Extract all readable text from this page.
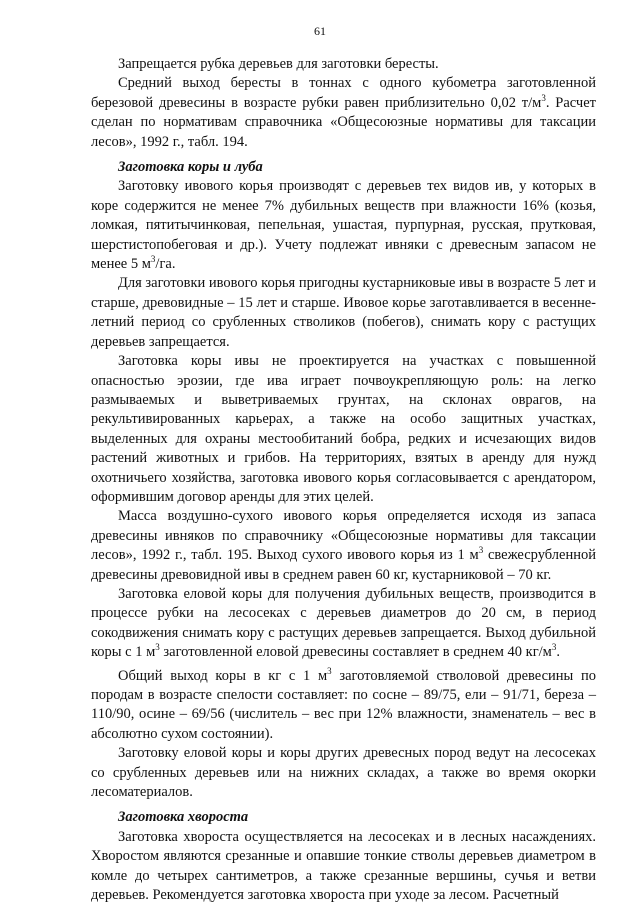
61

Запрещается рубка деревьев для заготовки бересты.

Средний выход бересты в тоннах с одного кубометра заготовленной березовой древесины в возрасте рубки равен приблизительно 0,02 $т/м^3$. Расчет сделан по нормативам справочника «Общесоюзные нормативы для таксации лесов», 1992 г., табл. 194.

Заготовка коры и луба

Заготовку ивового корья производят с деревьев тех видов ив, у которых в коре содержится не менее 7% дубильных веществ при влажности 16% (козья, ломкая, пятитычинковая, пепельная, ушастая, пурпурная, русская, прутковая, шерстистопобеговая и др.). Учету подлежат ивняки с древесным запасом не менее 5 $м^3/га$.

Для заготовки ивового корья пригодны кустарниковые ивы в возрасте 5 лет и старше, древовидные – 15 лет и старше. Ивовое корье заготавливается в весенне-летний период со срубленных стволиков (побегов), снимать кору с растущих деревьев запрещается.

Заготовка коры ивы не проектируется на участках с повышенной опасностью эрозии, где ива играет почвоукрепляющую роль: на легко размываемых и выветриваемых грунтах, на склонах оврагов, на рекультивированных карьерах, а также на особо защитных участках, выделенных для охраны местообитаний бобра, редких и исчезающих видов растений животных и грибов. На территориях, взятых в аренду для нужд охотничьего хозяйства, заготовка ивового корья согласовывается с арендатором, оформившим договор аренды для этих целей.

Масса воздушно-сухого ивового корья определяется исходя из запаса древесины ивняков по справочнику «Общесоюзные нормативы для таксации лесов», 1992 г., табл. 195. Выход сухого ивового корья из 1 $м^3$ свежесрубленной древесины древовидной ивы в среднем равен 60 кг, кустарниковой – 70 кг.

Заготовка еловой коры для получения дубильных веществ, производится в процессе рубки на лесосеках с деревьев диаметров до 20 см, в период сокодвижения снимать кору с растущих деревьев запрещается. Выход дубильной коры с 1 $м^3$ заготовленной еловой древесины составляет в среднем 40 $кг/м^3$.

Общий выход коры в кг с 1 $м^3$ заготовляемой стволовой древесины по породам в возрасте спелости составляет: по сосне – 89/75, ели – 91/71, береза – 110/90, осине – 69/56 (числитель – вес при 12% влажности, знаменатель – вес в абсолютно сухом состоянии).

Заготовку еловой коры и коры других древесных пород ведут на лесосеках со срубленных деревьев или на нижних складах, а также во время окорки лесоматериалов.

Заготовка хвороста

Заготовка хвороста осуществляется на лесосеках и в лесных насаждениях. Хворостом являются срезанные и опавшие тонкие стволы деревьев диаметром в комле до четырех сантиметров, а также срезанные вершины, сучья и ветви деревьев. Рекомендуется заготовка хвороста при уходе за лесом. Расчетный
